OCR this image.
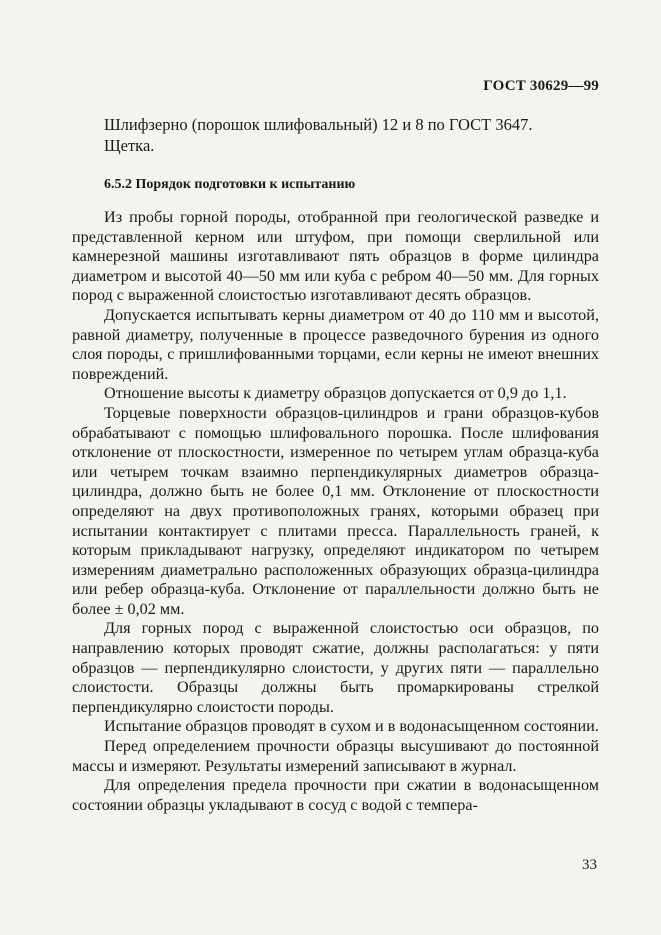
ГОСТ 30629—99

Шлифзерно (порошок шлифовальный) 12 и 8 по ГОСТ 3647.

Щетка.

6.5.2 Порядок подготовки к испытанию

Из пробы горной породы, отобранной при геологической разведке и представленной керном или штуфом, при помощи сверлильной или камнерезной машины изготавливают пять образцов в форме цилиндра диаметром и высотой 40—50 мм или куба с ребром 40—50 мм. Для горных пород с выраженной слоистостью изготавливают десять образцов.

Допускается испытывать керны диаметром от 40 до 110 мм и высотой, равной диаметру, полученные в процессе разведочного бурения из одного слоя породы, с пришлифованными торцами, если керны не имеют внешних повреждений.

Отношение высоты к диаметру образцов допускается от 0,9 до 1,1.

Торцевые поверхности образцов-цилиндров и грани образцов-кубов обрабатывают с помощью шлифовального порошка. После шлифования отклонение от плоскостности, измеренное по четырем углам образца-куба или четырем точкам взаимно перпендикулярных диаметров образца-цилиндра, должно быть не более 0,1 мм. Отклонение от плоскостности определяют на двух противоположных гранях, которыми образец при испытании контактирует с плитами пресса. Параллельность граней, к которым прикладывают нагрузку, определяют индикатором по четырем измерениям диаметрально расположенных образующих образца-цилиндра или ребер образца-куба. Отклонение от параллельности должно быть не более ± 0,02 мм.

Для горных пород с выраженной слоистостью оси образцов, по направлению которых проводят сжатие, должны располагаться: у пяти образцов — перпендикулярно слоистости, у других пяти — параллельно слоистости. Образцы должны быть промаркированы стрелкой перпендикулярно слоистости породы.

Испытание образцов проводят в сухом и в водонасыщенном состоянии.

Перед определением прочности образцы высушивают до постоянной массы и измеряют. Результаты измерений записывают в журнал.

Для определения предела прочности при сжатии в водонасыщенном состоянии образцы укладывают в сосуд с водой с темпера-

33
